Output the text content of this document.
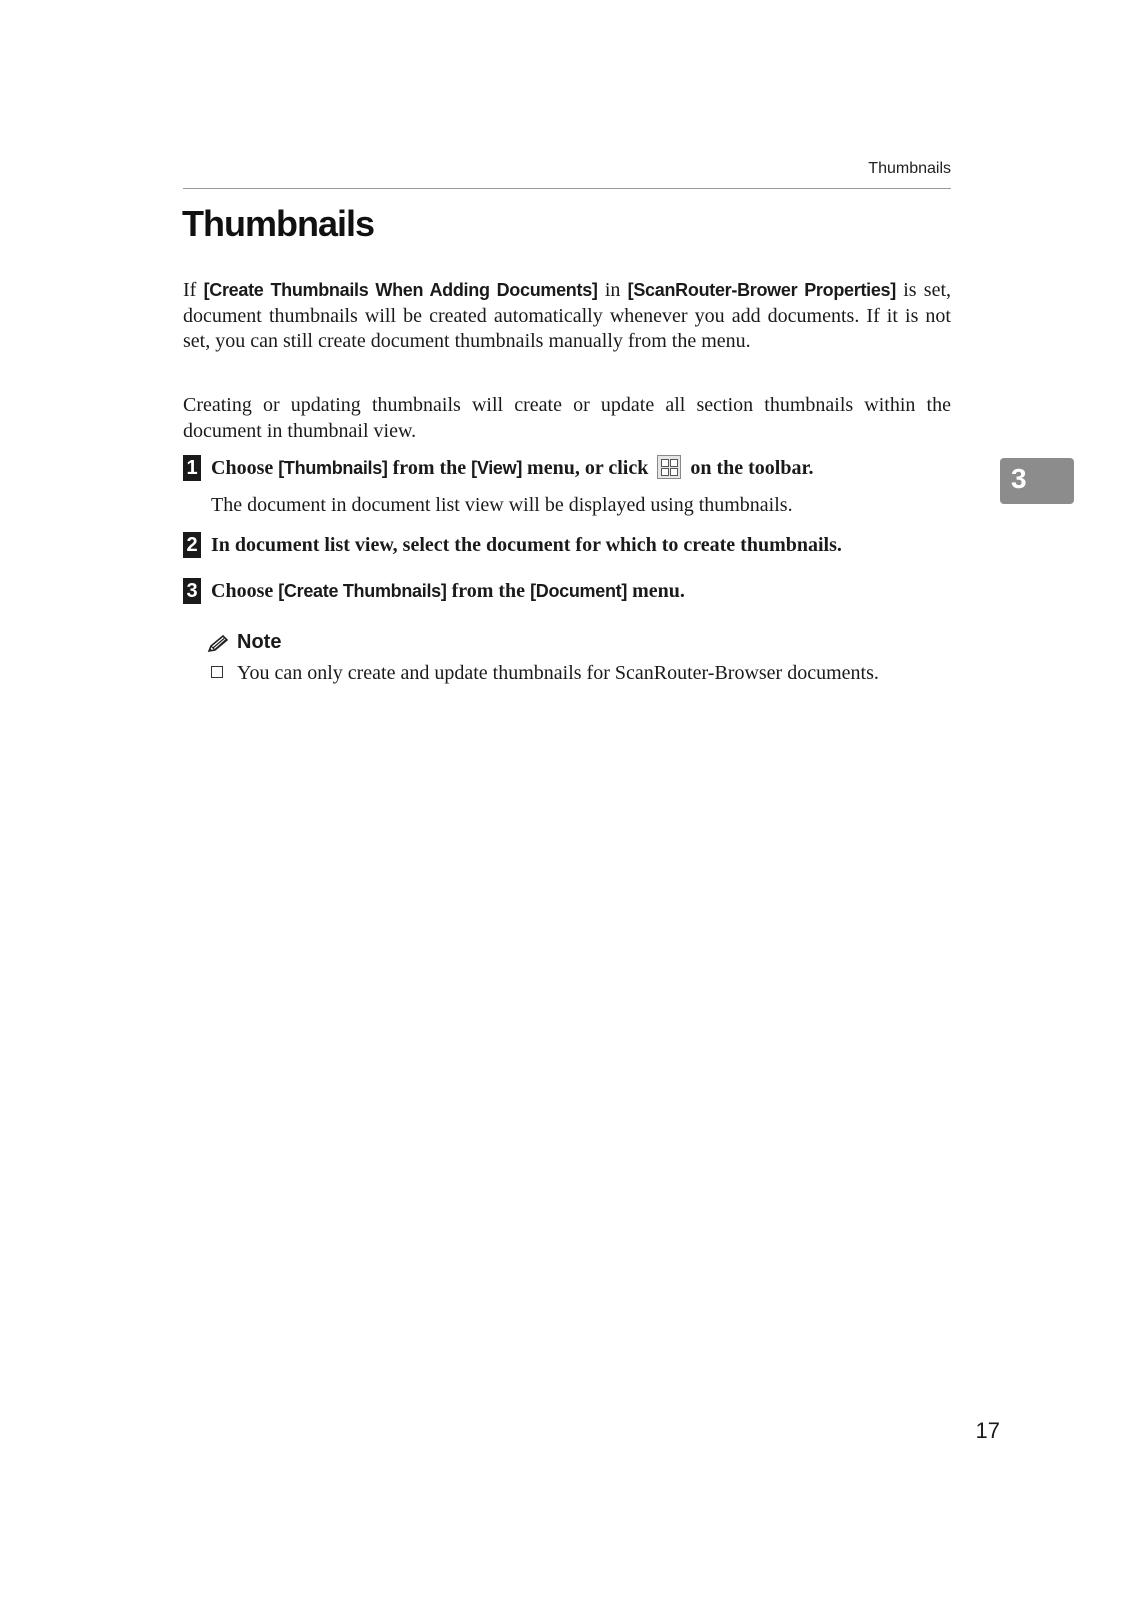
Thumbnails
Thumbnails

If [Create Thumbnails When Adding Documents] in [ScanRouter-Brower Properties] is set, document thumbnails will be created automatically whenever you add documents. If it is not set, you can still create document thumbnails manually from the menu.

Creating or updating thumbnails will create or update all section thumbnails within the document in thumbnail view.

1 Choose [Thumbnails] from the [View] menu, or click
on the toolbar.

The document in document list view will be displayed using thumbnails.

2 In document list view, select the document for which to create thumbnails.
3 Choose [Create Thumbnails] from the [Document] menu.
Note

You can only create and update thumbnails for ScanRouter-Browser documents.

3
17
